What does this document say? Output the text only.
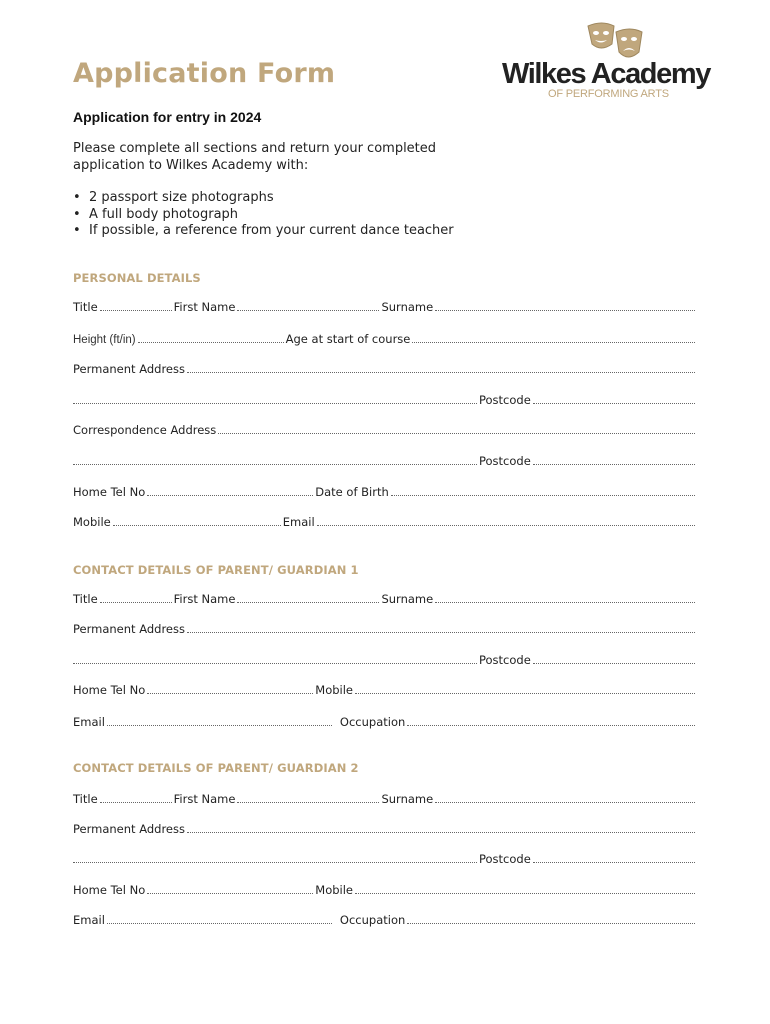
Application Form	Wilkes Academy
OF PERFORMING ARTS
Application for entry in 2024
Please complete all sections and return your completed application to Wilkes Academy with:
• 2 passport size photographs
• A full body photograph
• If possible, a reference from your current dance teacher
PERSONAL DETAILS
Title	First Name	Surname
Height (ft/in)	Age at start of course
Permanent Address
Postcode
Correspondence Address
Postcode
Home Tel No	Date of Birth
Mobile	Email
CONTACT DETAILS OF PARENT/ GUARDIAN 1
Title	First Name	Surname
Permanent Address
Postcode
Home Tel No	Mobile
Email	Occupation
CONTACT DETAILS OF PARENT/ GUARDIAN 2
Title	First Name	Surname
Permanent Address
Postcode
Home Tel No	Mobile
Email	Occupation
